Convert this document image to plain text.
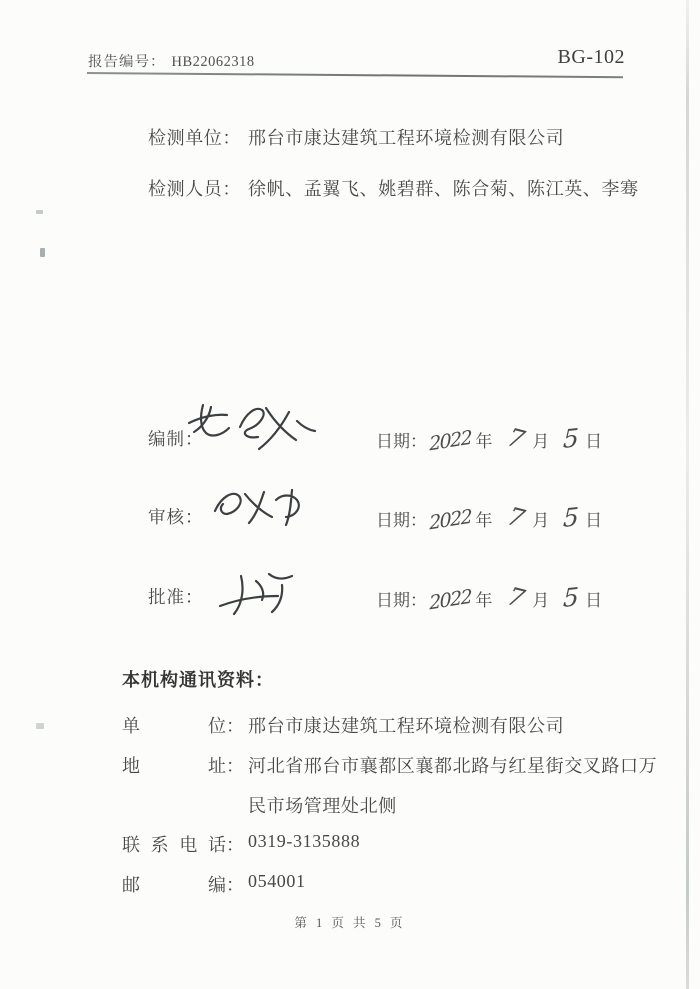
报告编号： HB22062318	BG-102
检测单位： 邢台市康达建筑工程环境检测有限公司
检测人员： 徐帆、孟翼飞、姚碧群、陈合菊、陈江英、李骞
编制：	日期：2022 年 7 月 5 日
审核：	日期：2022 年 7 月 5 日
批准：	日期：2022 年 7 月 5 日
本机构通讯资料：
单位： 邢台市康达建筑工程环境检测有限公司
地址： 河北省邢台市襄都区襄都北路与红星街交叉路口万
民市场管理处北侧
联系电话： 0319-3135888
邮编： 054001
第 1 页 共 5 页
